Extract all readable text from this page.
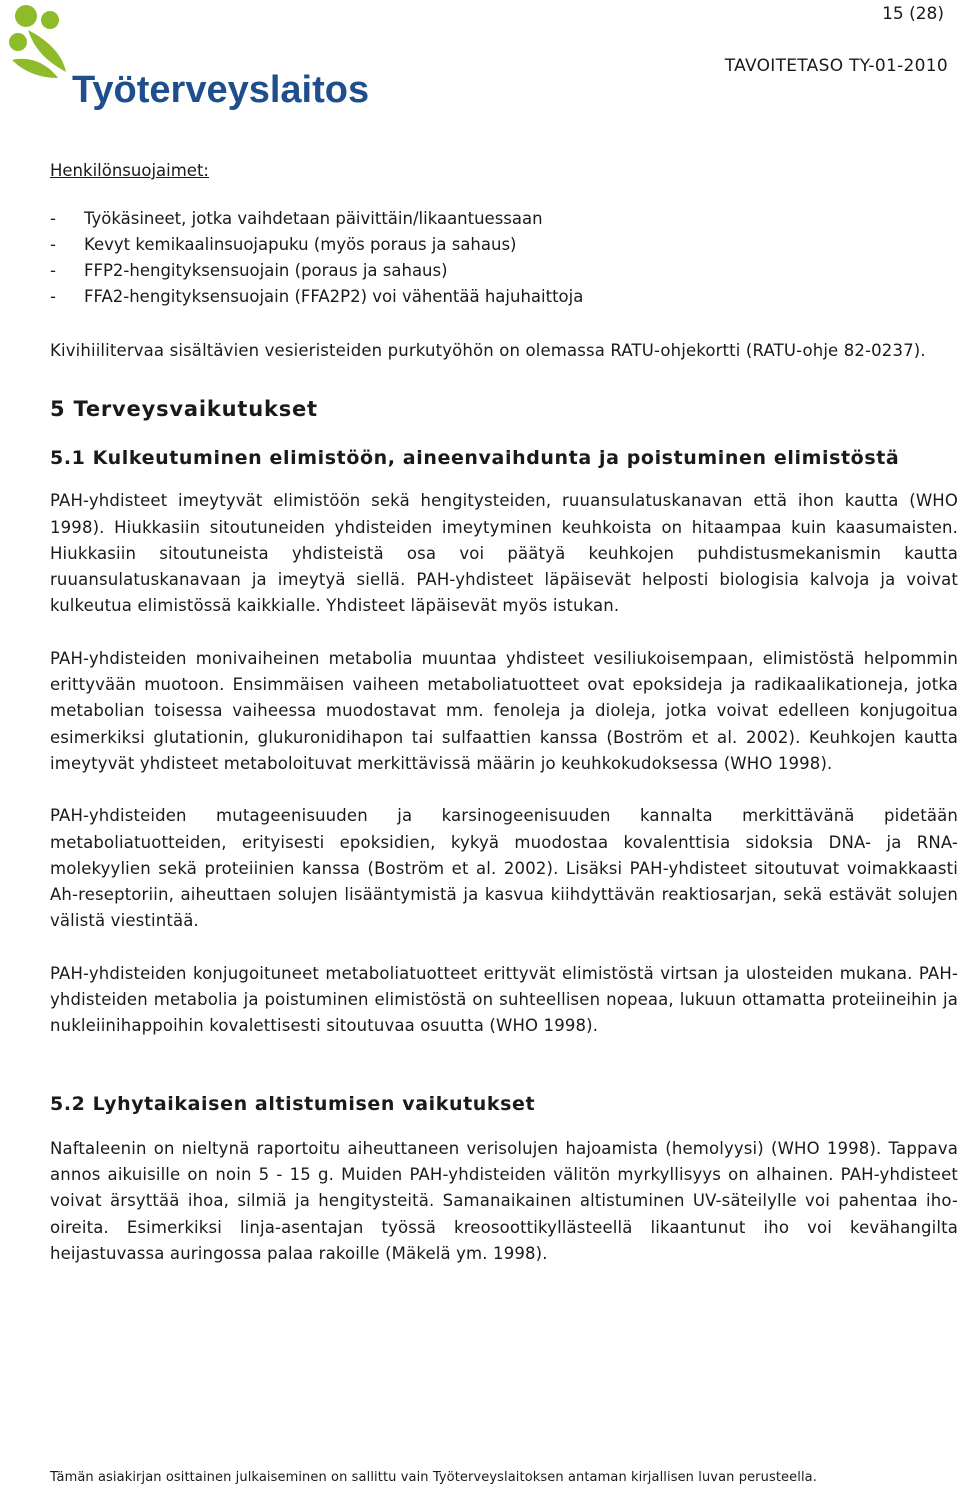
Työterveyslaitos
15 (28)
TAVOITETASO TY-01-2010
Henkilönsuojaimet:
- Työkäsineet, jotka vaihdetaan päivittäin/likaantuessaan
- Kevyt kemikaalinsuojapuku (myös poraus ja sahaus)
- FFP2-hengityksensuojain (poraus ja sahaus)
- FFA2-hengityksensuojain (FFA2P2) voi vähentää hajuhaittoja

Kivihiilitervaa sisältävien vesieristeiden purkutyöhön on olemassa RATU-ohjekortti (RATU-ohje 82-0237).

5 Terveysvaikutukset
5.1 Kulkeutuminen elimistöön, aineenvaihdunta ja poistuminen elimistöstä

PAH-yhdisteet imeytyvät elimistöön sekä hengitysteiden, ruuansulatuskanavan että ihon kautta (WHO 1998). Hiukkasiin sitoutuneiden yhdisteiden imeytyminen keuhkoista on hitaampaa kuin kaasumaisten. Hiukkasiin sitoutuneista yhdisteistä osa voi päätyä keuhkojen puhdistusmekanismin kautta ruuansulatuskanavaan ja imeytyä siellä. PAH-yhdisteet läpäisevät helposti biologisia kalvoja ja voivat kulkeutua elimistössä kaikkialle. Yhdisteet läpäisevät myös istukan.

PAH-yhdisteiden monivaiheinen metabolia muuntaa yhdisteet vesiliukoisempaan, elimistöstä helpommin erittyvään muotoon. Ensimmäisen vaiheen metaboliatuotteet ovat epoksideja ja radikaalikationeja, jotka metabolian toisessa vaiheessa muodostavat mm. fenoleja ja dioleja, jotka voivat edelleen konjugoitua esimerkiksi glutationin, glukuronidihapon tai sulfaattien kanssa (Boström et al. 2002). Keuhkojen kautta imeytyvät yhdisteet metaboloituvat merkittävissä määrin jo keuhkokudoksessa (WHO 1998).

PAH-yhdisteiden mutageenisuuden ja karsinogeenisuuden kannalta merkittävänä pidetään metaboliatuotteiden, erityisesti epoksidien, kykyä muodostaa kovalenttisia sidoksia DNA- ja RNA-molekyylien sekä proteiinien kanssa (Boström et al. 2002). Lisäksi PAH-yhdisteet sitoutuvat voimakkaasti Ah-reseptoriin, aiheuttaen solujen lisääntymistä ja kasvua kiihdyttävän reaktiosarjan, sekä estävät solujen välistä viestintää.

PAH-yhdisteiden konjugoituneet metaboliatuotteet erittyvät elimistöstä virtsan ja ulosteiden mukana. PAH-yhdisteiden metabolia ja poistuminen elimistöstä on suhteellisen nopeaa, lukuun ottamatta proteiineihin ja nukleiinihappoihin kovalettisesti sitoutuvaa osuutta (WHO 1998).

5.2 Lyhytaikaisen altistumisen vaikutukset

Naftaleenin on nieltynä raportoitu aiheuttaneen verisolujen hajoamista (hemolyysi) (WHO 1998). Tappava annos aikuisille on noin 5 - 15 g. Muiden PAH-yhdisteiden välitön myrkyllisyys on alhainen. PAH-yhdisteet voivat ärsyttää ihoa, silmiä ja hengitysteitä. Samanaikainen altistuminen UV-säteilylle voi pahentaa iho-oireita. Esimerkiksi linja-asentajan työssä kreosoottikyllästeellä likaantunut iho voi kevähangilta heijastuvassa auringossa palaa rakoille (Mäkelä ym. 1998).

Tämän asiakirjan osittainen julkaiseminen on sallittu vain Työterveyslaitoksen antaman kirjallisen luvan perusteella.
